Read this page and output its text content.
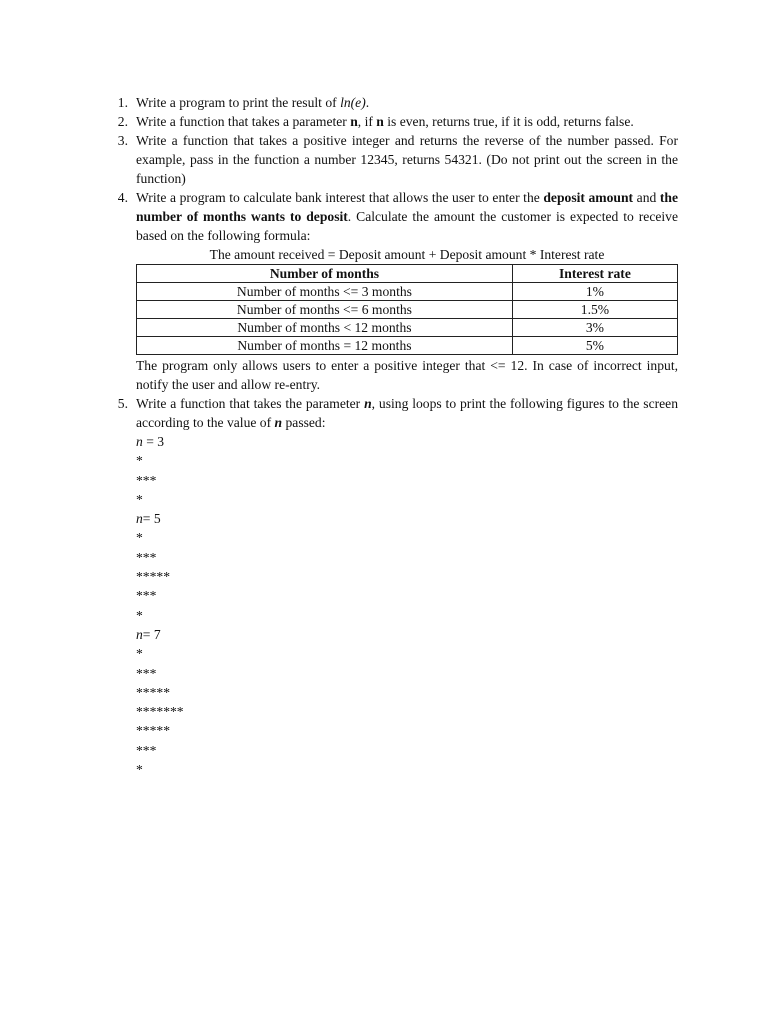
1. Write a program to print the result of ln(e).
2. Write a function that takes a parameter n, if n is even, returns true, if it is odd, returns false.
3. Write a function that takes a positive integer and returns the reverse of the number passed. For example, pass in the function a number 12345, returns 54321. (Do not print out the screen in the function)
4. Write a program to calculate bank interest that allows the user to enter the deposit amount and the number of months wants to deposit. Calculate the amount the customer is expected to receive based on the following formula:
The amount received = Deposit amount + Deposit amount * Interest rate
Number of months	Interest rate
Number of months <= 3 months	1%
Number of months <= 6 months	1.5%
Number of months < 12 months	3%
Number of months = 12 months	5%
The program only allows users to enter a positive integer that <= 12. In case of incorrect input, notify the user and allow re-entry.
5. Write a function that takes the parameter n, using loops to print the following figures to the screen according to the value of n passed:
n = 3
*
***
*
n= 5
*
***
*****
***
*
n= 7
*
***
*****
*******
*****
***
*
